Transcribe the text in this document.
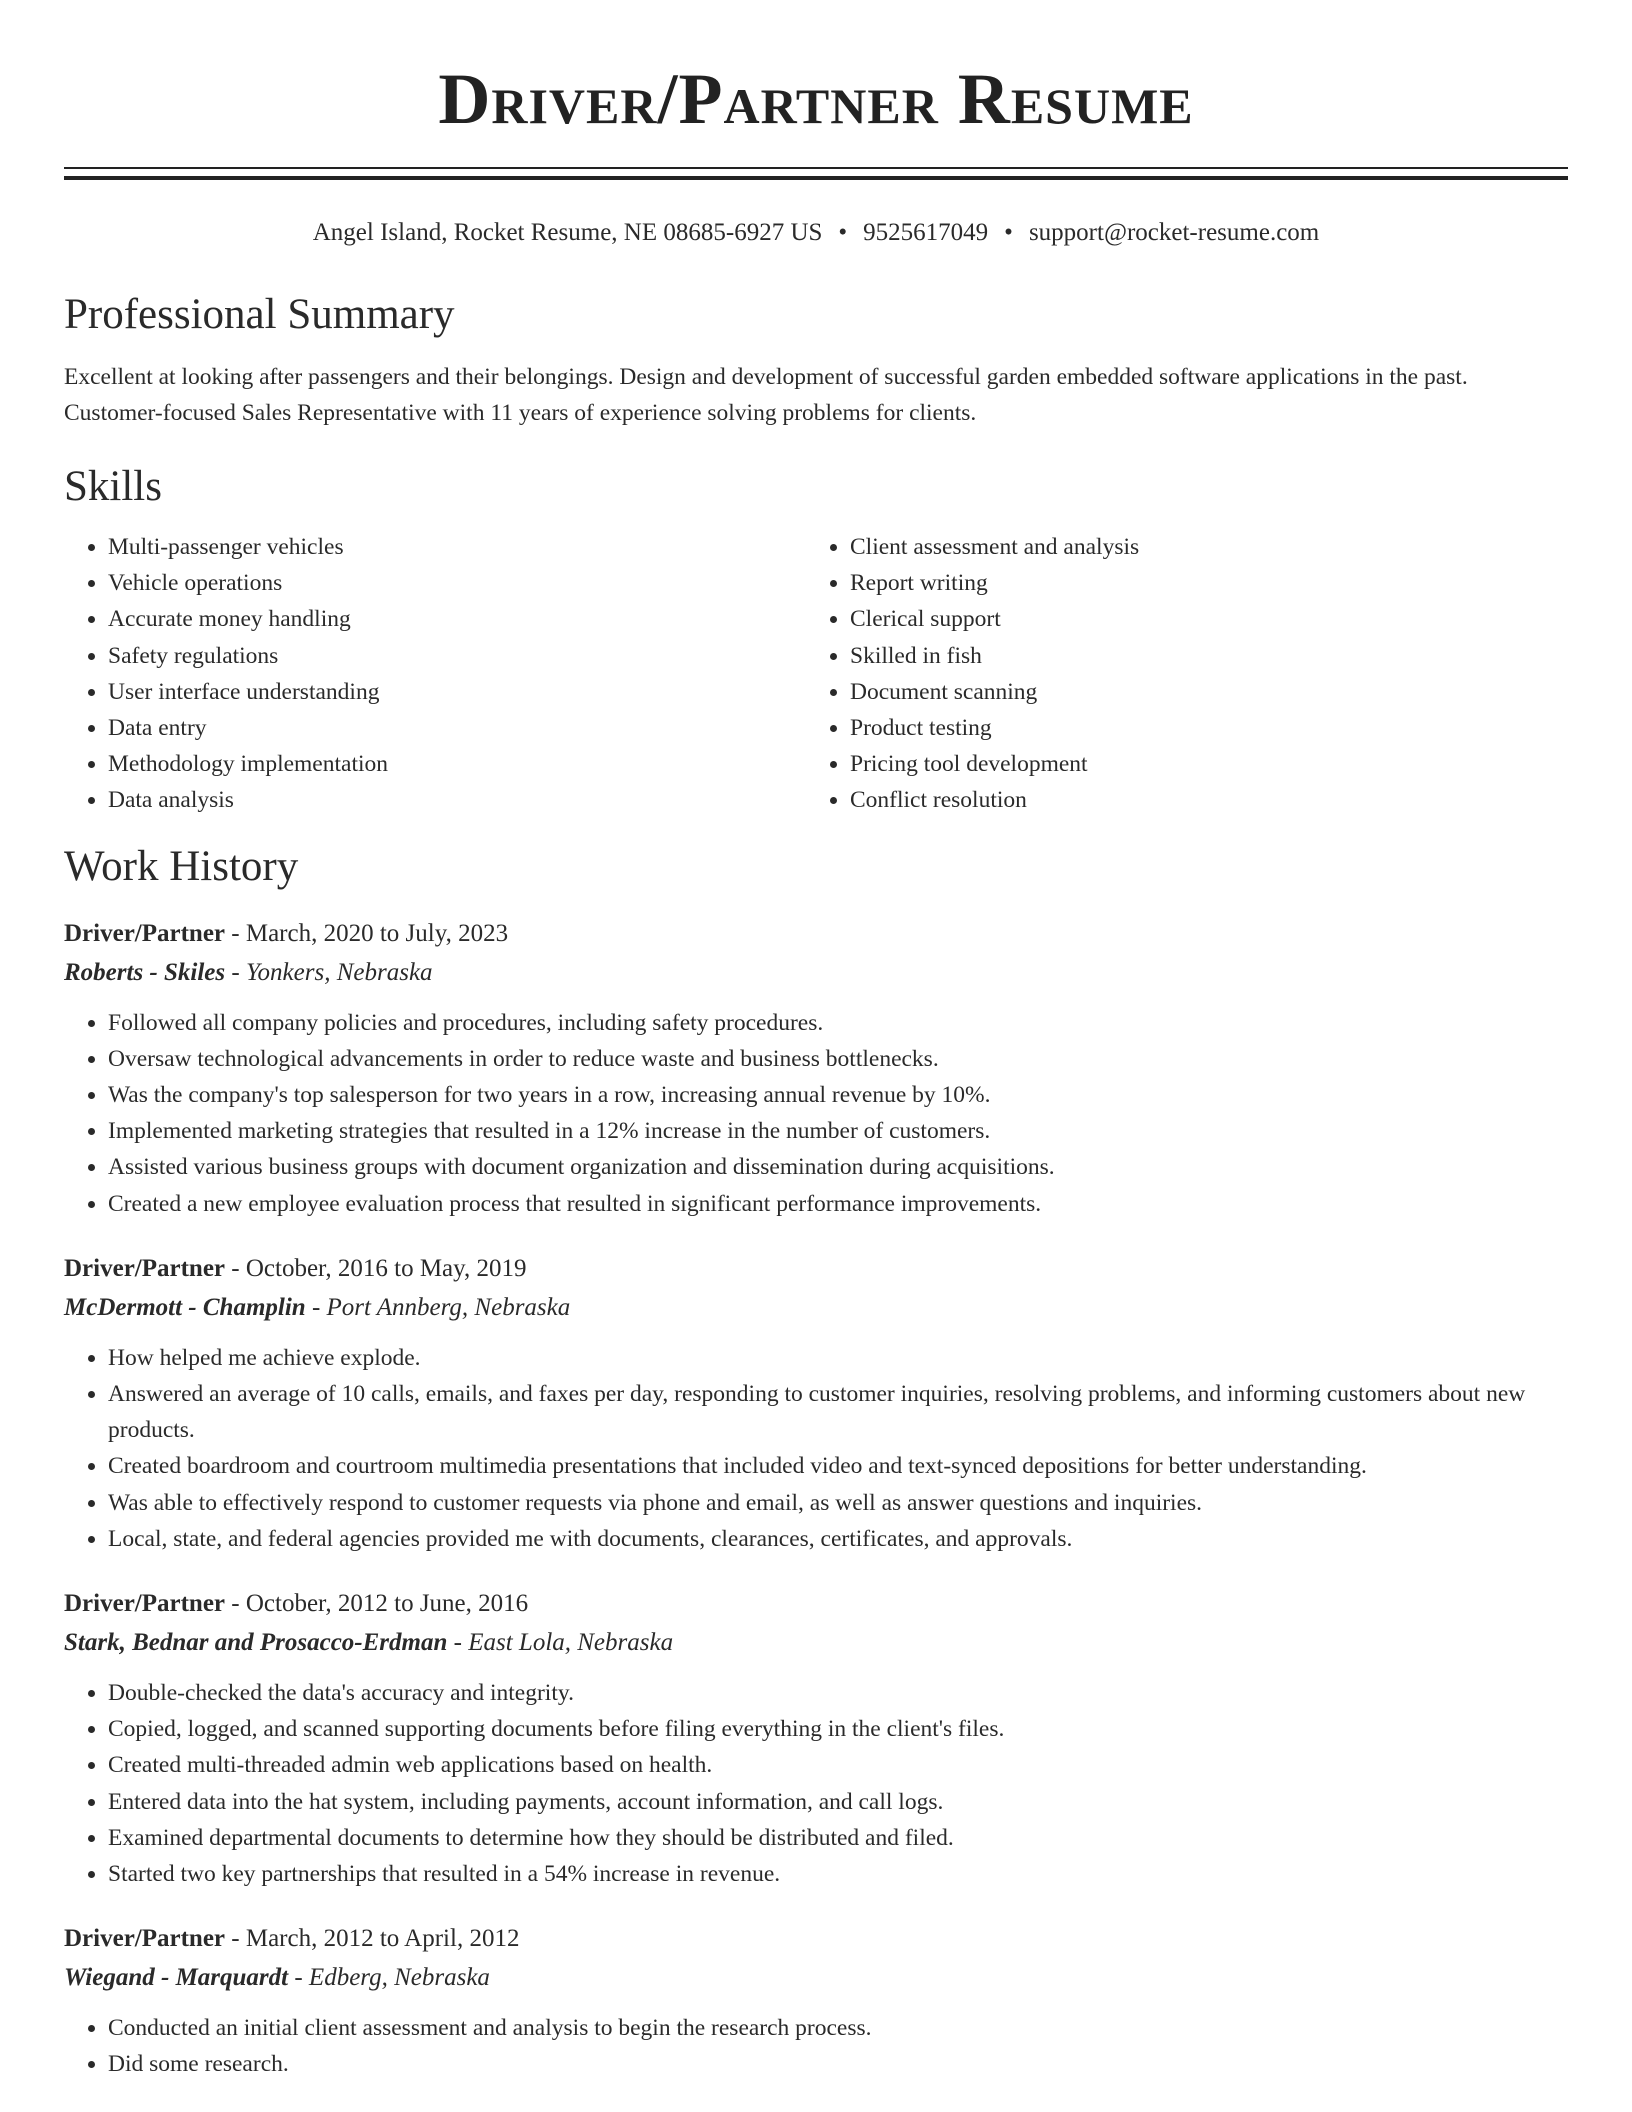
Driver/Partner Resume
Angel Island, Rocket Resume, NE 08685-6927 US • 9525617049 • support@rocket-resume.com
Professional Summary

Excellent at looking after passengers and their belongings. Design and development of successful garden embedded software applications in the past. Customer-focused Sales Representative with 11 years of experience solving problems for clients.

Skills
• Multi-passenger vehicles
• Vehicle operations
• Accurate money handling
• Safety regulations
• User interface understanding
• Data entry
• Methodology implementation
• Data analysis
• Client assessment and analysis
• Report writing
• Clerical support
• Skilled in fish
• Document scanning
• Product testing
• Pricing tool development
• Conflict resolution
Work History
Driver/Partner - March, 2020 to July, 2023
Roberts - Skiles - Yonkers, Nebraska
• Followed all company policies and procedures, including safety procedures.
• Oversaw technological advancements in order to reduce waste and business bottlenecks.
• Was the company's top salesperson for two years in a row, increasing annual revenue by 10%.
• Implemented marketing strategies that resulted in a 12% increase in the number of customers.
• Assisted various business groups with document organization and dissemination during acquisitions.
• Created a new employee evaluation process that resulted in significant performance improvements.
Driver/Partner - October, 2016 to May, 2019
McDermott - Champlin - Port Annberg, Nebraska
• How helped me achieve explode.
• Answered an average of 10 calls, emails, and faxes per day, responding to customer inquiries, resolving problems, and informing customers about new products.
• Created boardroom and courtroom multimedia presentations that included video and text-synced depositions for better understanding.
• Was able to effectively respond to customer requests via phone and email, as well as answer questions and inquiries.
• Local, state, and federal agencies provided me with documents, clearances, certificates, and approvals.
Driver/Partner - October, 2012 to June, 2016
Stark, Bednar and Prosacco-Erdman - East Lola, Nebraska
• Double-checked the data's accuracy and integrity.
• Copied, logged, and scanned supporting documents before filing everything in the client's files.
• Created multi-threaded admin web applications based on health.
• Entered data into the hat system, including payments, account information, and call logs.
• Examined departmental documents to determine how they should be distributed and filed.
• Started two key partnerships that resulted in a 54% increase in revenue.
Driver/Partner - March, 2012 to April, 2012
Wiegand - Marquardt - Edberg, Nebraska
• Conducted an initial client assessment and analysis to begin the research process.
• Did some research.
